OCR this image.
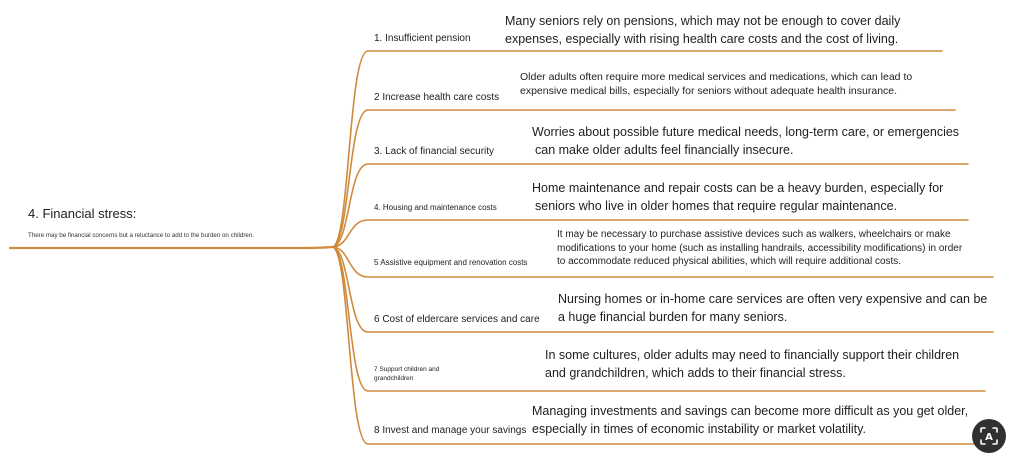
4. Financial stress:
There may be financial concerns but a reluctance to add to the burden on children.
1. Insufficient pension
Many seniors rely on pensions, which may not be enough to cover daily
expenses, especially with rising health care costs and the cost of living.
2 Increase health care costs
Older adults often require more medical services and medications, which can lead to
expensive medical bills, especially for seniors without adequate health insurance.
3. Lack of financial security
Worries about possible future medical needs, long-term care, or emergencies
can make older adults feel financially insecure.
4. Housing and maintenance costs
Home maintenance and repair costs can be a heavy burden, especially for
seniors who live in older homes that require regular maintenance.
5 Assistive equipment and renovation costs
It may be necessary to purchase assistive devices such as walkers, wheelchairs or make
modifications to your home (such as installing handrails, accessibility modifications) in order
to accommodate reduced physical abilities, which will require additional costs.
6 Cost of eldercare services and care
Nursing homes or in-home care services are often very expensive and can be
a huge financial burden for many seniors.
7 Support children and grandchildren
In some cultures, older adults may need to financially support their children
and grandchildren, which adds to their financial stress.
8 Invest and manage your savings
Managing investments and savings can become more difficult as you get older,
especially in times of economic instability or market volatility.
A
